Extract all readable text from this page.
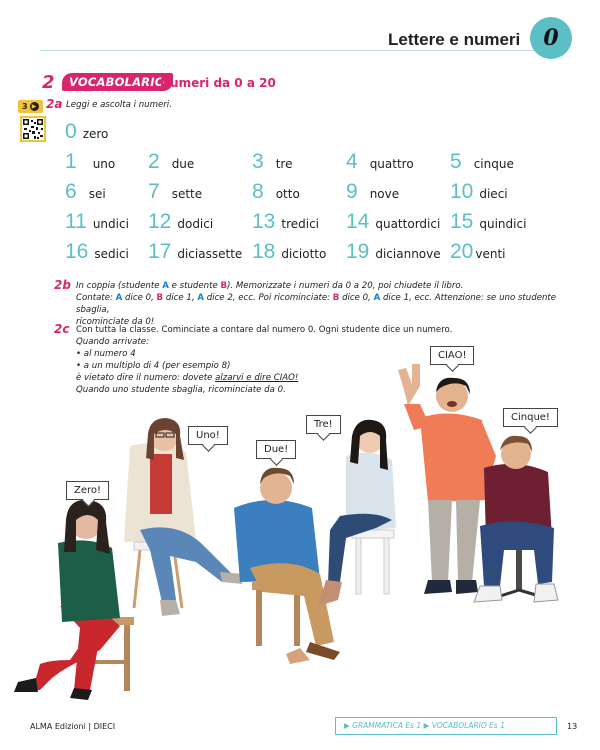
Lettere e numeri	0
2	VOCABOLARIO
Numeri da 0 a 20
3 ▶ 2a Leggi e ascolta i numeri.
0 zero
1 uno 2 due	3 tre	4 quattro 5 cinque
6 sei 7 sette 8 otto 9 nove 10 dieci
11 undici 12 dodici 13 tredici 14 quattordici 15 quindici
16 sedici 17 diciassette 18 diciotto 19 diciannove 20 venti
2b In coppia (studente A e studente B). Memorizzate i numeri da 0 a 20, poi chiudete il libro.
Contate: A dice 0, B dice 1, A dice 2, ecc. Poi ricominciate: B dice 0, A dice 1, ecc. Attenzione: se uno studente sbaglia,
ricominciate da 0!
2c Con tutta la classe. Cominciate a contare dal numero 0. Ogni studente dice un numero.
Quando arrivate:
• al numero 4
• a un multiplo di 4 (per esempio 8)
è vietato dire il numero: dovete alzarvi e dire CIAO!
Quando uno studente sbaglia, ricominciate da 0.
Zero!
Uno!
Due!
Tre!
CIAO!
Cinque!
ALMA Edizioni | DIECI	▶ GRAMMATICA Es 1 ▶ VOCABOLARIO Es 1	13
